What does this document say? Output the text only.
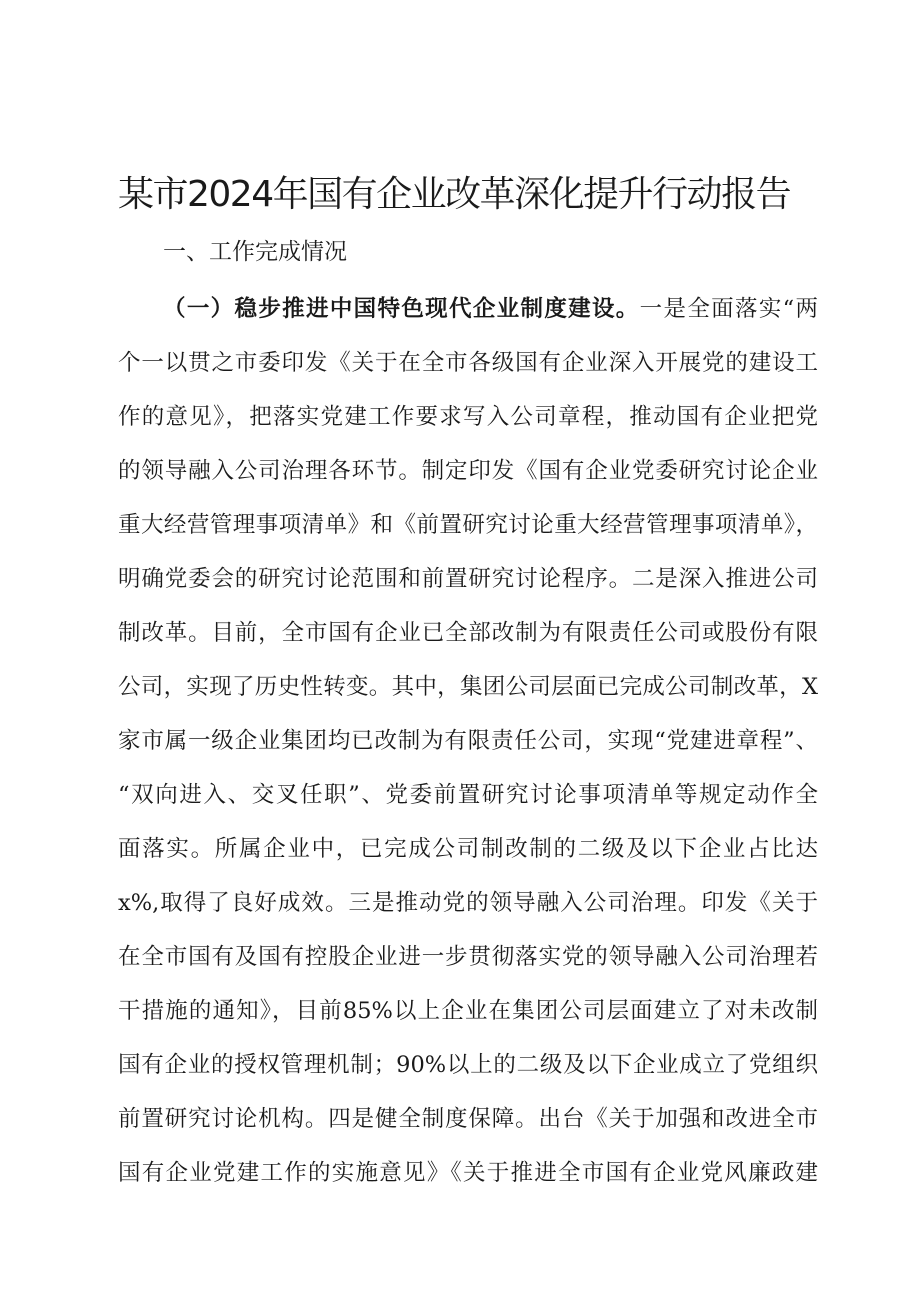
某市2024年国有企业改革深化提升行动报告
一、工作完成情况
（一）稳步推进中国特色现代企业制度建设。一是全面落实“两
个一以贯之市委印发《关于在全市各级国有企业深入开展党的建设工
作的意见》，把落实党建工作要求写入公司章程，推动国有企业把党
的领导融入公司治理各环节。制定印发《国有企业党委研究讨论企业
重大经营管理事项清单》和《前置研究讨论重大经营管理事项清单》，
明确党委会的研究讨论范围和前置研究讨论程序。二是深入推进公司
制改革。目前，全市国有企业已全部改制为有限责任公司或股份有限
公司，实现了历史性转变。其中，集团公司层面已完成公司制改革，X
家市属一级企业集团均已改制为有限责任公司，实现“党建进章程”、
“双向进入、交叉任职”、党委前置研究讨论事项清单等规定动作全
面落实。所属企业中，已完成公司制改制的二级及以下企业占比达
x%,取得了良好成效。三是推动党的领导融入公司治理。印发《关于
在全市国有及国有控股企业进一步贯彻落实党的领导融入公司治理若
干措施的通知》，目前85%以上企业在集团公司层面建立了对未改制
国有企业的授权管理机制；90%以上的二级及以下企业成立了党组织
前置研究讨论机构。四是健全制度保障。出台《关于加强和改进全市
国有企业党建工作的实施意见》《关于推进全市国有企业党风廉政建
